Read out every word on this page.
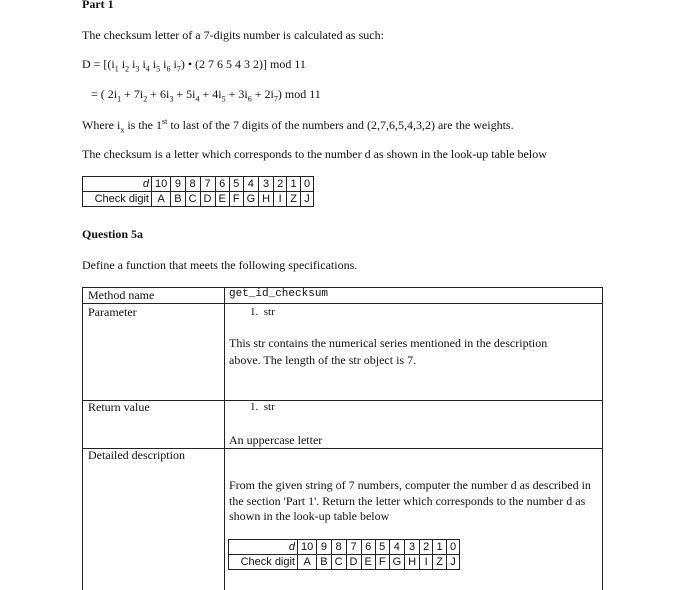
Part 1
The checksum letter of a 7-digits number is calculated as such:
$D = [(i_1$ $i_2$ $i_3$ $i_4$ $i_5$ $i_6$ $i_7$) • (2 7 6 5 4 3 2)] mod 11
= ( $2i_1 + 7i_2 + 6i_3 + 5i_4 + 4i_5 + 3i_6 + 2i_7$) mod 11
Where $i_x$ is the 1st to last of the 7 digits of the numbers and (2,7,6,5,4,3,2) are the weights.
The checksum is a letter which corresponds to the number d as shown in the look-up table below
d	10	9	8	7	6	5	4	3	2	1	0
Check digit	A	B	C	D	E	F	G	H	I	Z	J
Question 5a
Define a function that meets the following specifications.
Method name	get_id_checksum
Parameter	1. str
This str contains the numerical series mentioned in the description
above. The length of the str object is 7.
Return value	1. str
An uppercase letter
Detailed description
From the given string of 7 numbers, computer the number d as described in
the section 'Part 1'. Return the letter which corresponds to the number d as
shown in the look-up table below
d	10	9	8	7	6	5	4	3	2	1	0
Check digit	A	B	C	D	E	F	G	H	I	Z	J
